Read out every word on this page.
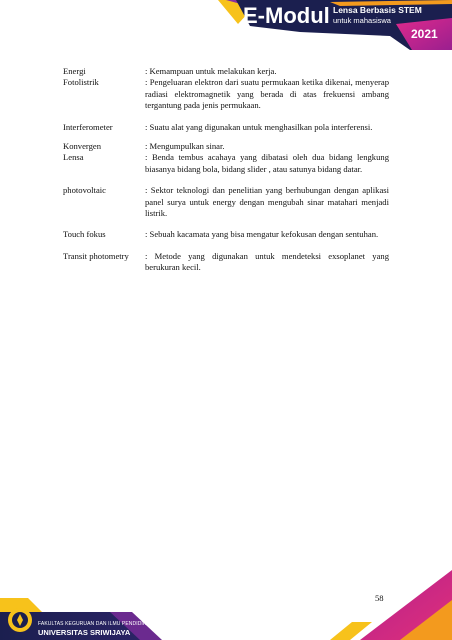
E-Modul Lensa Berbasis STEM
untuk mahasiswa
2021
Energi	: Kemampuan untuk melakukan kerja.
Fotolistrik	: Pengeluaran elektron dari suatu permukaan ketika dikenai, menyerap radiasi elektromagnetik yang berada di atas frekuensi ambang tergantung pada jenis permukaan.
Interferometer	: Suatu alat yang digunakan untuk menghasilkan pola interferensi.
Konvergen	: Mengumpulkan sinar.
Lensa	: Benda tembus acahaya yang dibatasi oleh dua bidang lengkung biasanya bidang bola, bidang slider , atau satunya bidang datar.
photovoltaic	: Sektor teknologi dan penelitian yang berhubungan dengan aplikasi panel surya untuk energy dengan mengubah sinar matahari menjadi listrik.
Touch fokus	: Sebuah kacamata yang bisa mengatur kefokusan dengan sentuhan.
Transit photometry	: Metode yang digunakan untuk mendeteksi exsoplanet yang berukuran kecil.
58
FAKULTAS KEGURUAN DAN ILMU PENDIDIKAN
UNIVERSITAS SRIWIJAYA
